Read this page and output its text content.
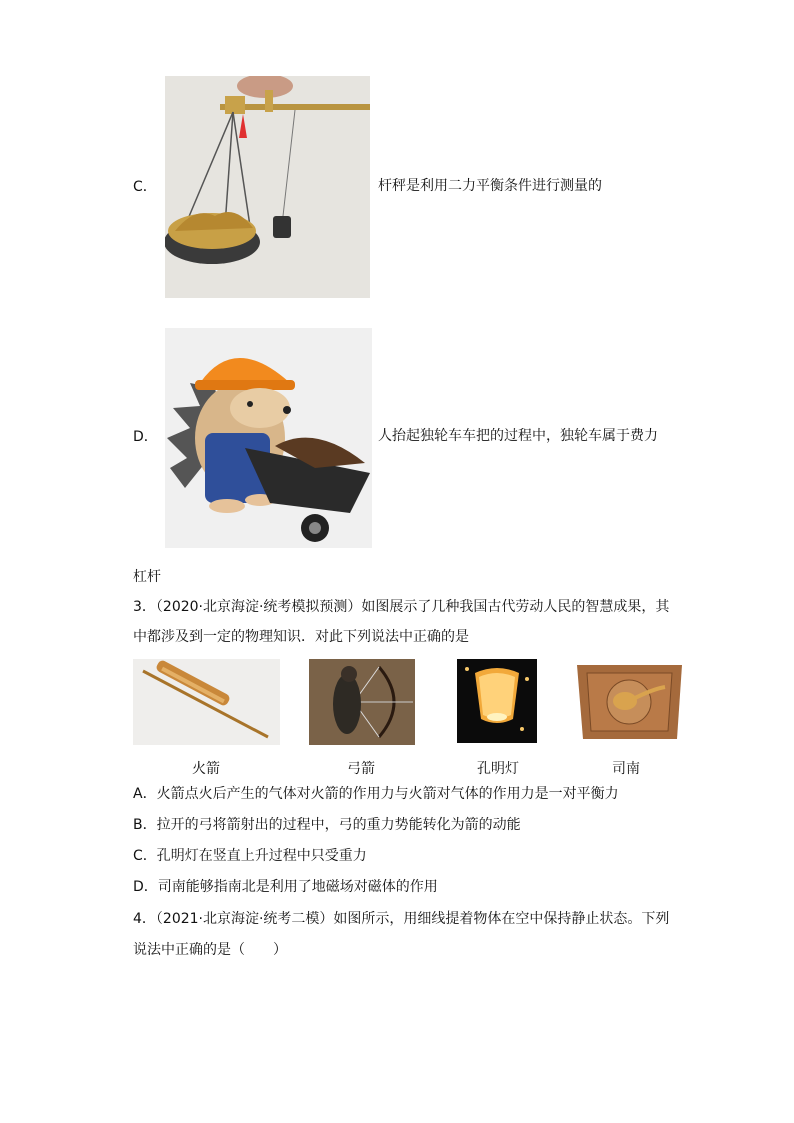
C．	杆秤是利用二力平衡条件进行测量的
D．	人抬起独轮车车把的过程中，独轮车属于费力
杠杆
3．（2020·北京海淀·统考模拟预测）如图展示了几种我国古代劳动人民的智慧成果，其
中都涉及到一定的物理知识．对此下列说法中正确的是
火箭	弓箭	孔明灯	司南
A．火箭点火后产生的气体对火箭的作用力与火箭对气体的作用力是一对平衡力
B．拉开的弓将箭射出的过程中，弓的重力势能转化为箭的动能
C．孔明灯在竖直上升过程中只受重力
D．司南能够指南北是利用了地磁场对磁体的作用
4．（2021·北京海淀·统考二模）如图所示，用细线提着物体在空中保持静止状态。下列
说法中正确的是（　　）
